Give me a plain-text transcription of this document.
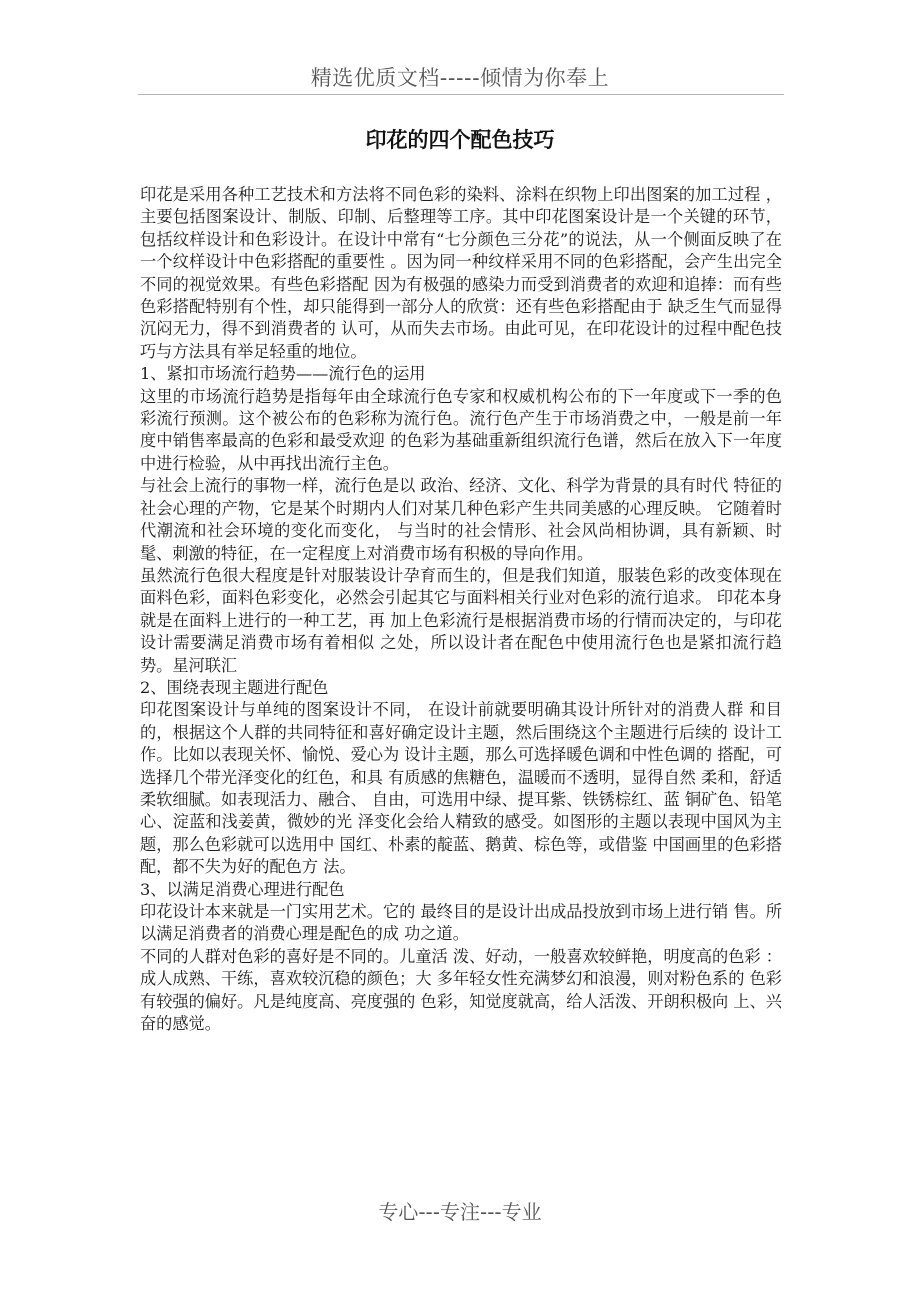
精选优质文档-----倾情为你奉上
印花的四个配色技巧

印花是采用各种工艺技术和方法将不同色彩的染料、涂料在织物上印出图案的加工过程 ，主要包括图案设计、制版、印制、后整理等工序。其中印花图案设计是一个关键的环节，包括纹样设计和色彩设计。在设计中常有“七分颜色三分花”的说法，从一个侧面反映了在一个纹样设计中色彩搭配的重要性 。因为同一种纹样采用不同的色彩搭配，会产生出完全不同的视觉效果。有些色彩搭配 因为有极强的感染力而受到消费者的欢迎和追捧：而有些色彩搭配特别有个性，却只能得到一部分人的欣赏：还有些色彩搭配由于 缺乏生气而显得沉闷无力，得不到消费者的 认可，从而失去市场。由此可见，在印花设计的过程中配色技巧与方法具有举足轻重的地位。

1、紧扣市场流行趋势——流行色的运用

这里的市场流行趋势是指每年由全球流行色专家和权威机构公布的下一年度或下一季的色彩流行预测。这个被公布的色彩称为流行色。流行色产生于市场消费之中，一般是前一年度中销售率最高的色彩和最受欢迎 的色彩为基础重新组织流行色谱，然后在放入下一年度中进行检验，从中再找出流行主色。

与社会上流行的事物一样，流行色是以 政治、经济、文化、科学为背景的具有时代 特征的社会心理的产物，它是某个时期内人们对某几种色彩产生共同美感的心理反映。 它随着时代潮流和社会环境的变化而变化， 与当时的社会情形、社会风尚相协调，具有新颖、时髦、刺激的特征，在一定程度上对消费市场有积极的导向作用。

虽然流行色很大程度是针对服装设计孕育而生的，但是我们知道，服装色彩的改变体现在面料色彩，面料色彩变化，必然会引起其它与面料相关行业对色彩的流行追求。 印花本身就是在面料上进行的一种工艺，再 加上色彩流行是根据消费市场的行情而决定的，与印花设计需要满足消费市场有着相似 之处，所以设计者在配色中使用流行色也是紧扣流行趋势。星河联汇

2、围绕表现主题进行配色

印花图案设计与单纯的图案设计不同， 在设计前就要明确其设计所针对的消费人群 和目的，根据这个人群的共同特征和喜好确定设计主题，然后围绕这个主题进行后续的 设计工作。比如以表现关怀、愉悦、爱心为 设计主题，那么可选择暖色调和中性色调的 搭配，可选择几个带光泽变化的红色，和具 有质感的焦糖色，温暖而不透明，显得自然 柔和，舒适柔软细腻。如表现活力、融合、 自由，可选用中绿、提耳紫、铁锈棕红、蓝 铜矿色、铅笔心、淀蓝和浅姜黄，微妙的光 泽变化会给人精致的感受。如图形的主题以表现中国风为主题，那么色彩就可以选用中 国红、朴素的靛蓝、鹅黄、棕色等，或借鉴 中国画里的色彩搭配，都不失为好的配色方 法。

3、以满足消费心理进行配色

印花设计本来就是一门实用艺术。它的 最终目的是设计出成品投放到市场上进行销 售。所以满足消费者的消费心理是配色的成 功之道。

不同的人群对色彩的喜好是不同的。儿童活 泼、好动，一般喜欢较鲜艳，明度高的色彩 ：成人成熟、干练，喜欢较沉稳的颜色；大 多年轻女性充满梦幻和浪漫，则对粉色系的 色彩有较强的偏好。凡是纯度高、亮度强的 色彩，知觉度就高，给人活泼、开朗积极向 上、兴奋的感觉。

专心---专注---专业
